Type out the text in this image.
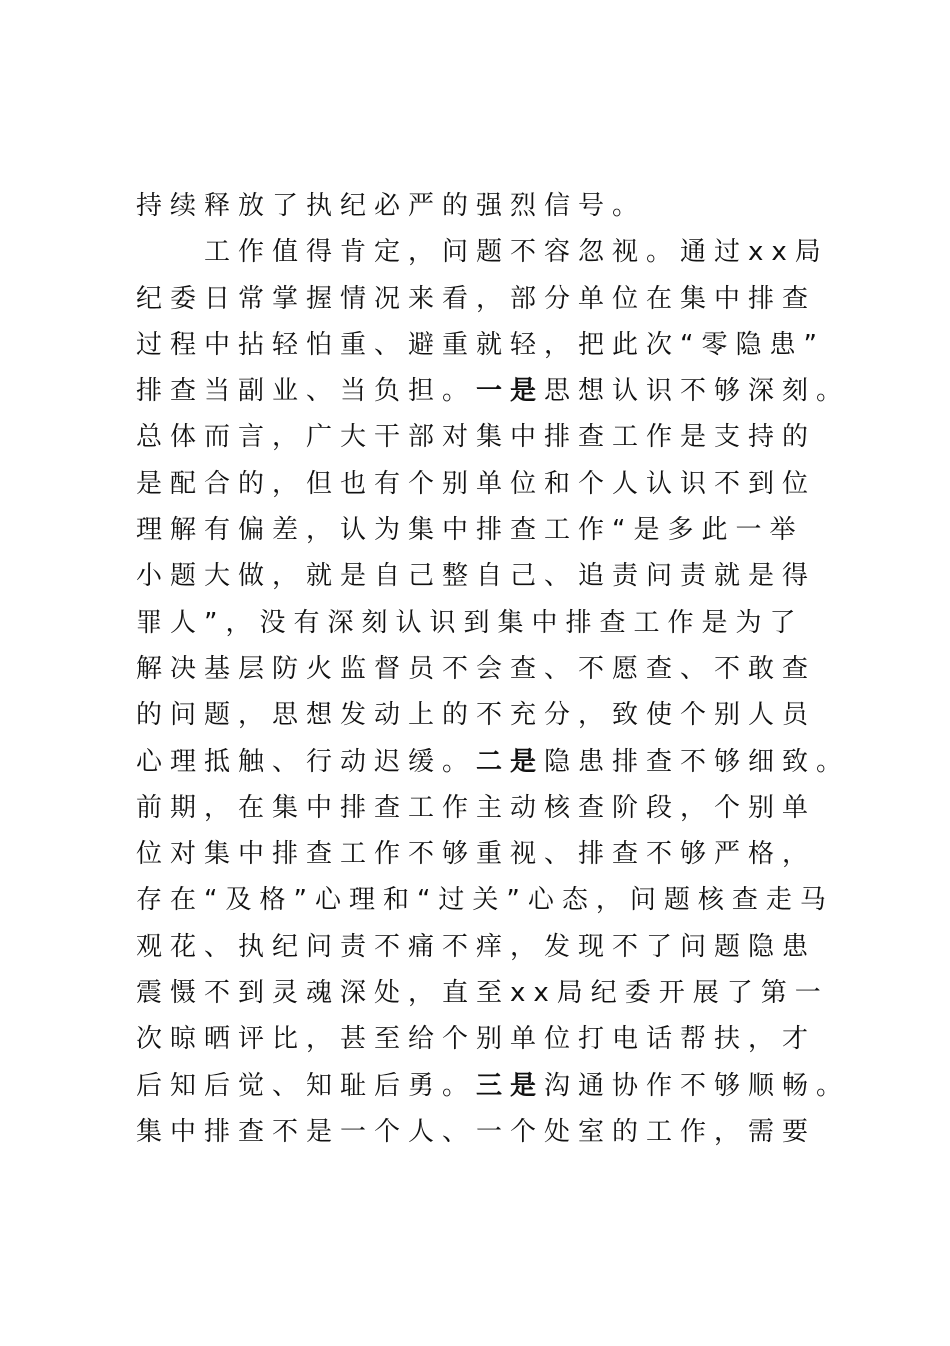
持续释放了执纪必严的强烈信号。
工作值得肯定，问题不容忽视。通过xx局
纪委日常掌握情况来看，部分单位在集中排查
过程中拈轻怕重、避重就轻，把此次“零隐患”
排查当副业、当负担。一是思想认识不够深刻。
总体而言，广大干部对集中排查工作是支持的
是配合的，但也有个别单位和个人认识不到位
理解有偏差，认为集中排查工作“是多此一举
小题大做，就是自己整自己、追责问责就是得
罪人”，没有深刻认识到集中排查工作是为了
解决基层防火监督员不会查、不愿查、不敢查
的问题，思想发动上的不充分，致使个别人员
心理抵触、行动迟缓。二是隐患排查不够细致。
前期，在集中排查工作主动核查阶段，个别单
位对集中排查工作不够重视、排查不够严格，
存在“及格”心理和“过关”心态，问题核查走马
观花、执纪问责不痛不痒，发现不了问题隐患
震慑不到灵魂深处，直至xx局纪委开展了第一
次晾晒评比，甚至给个别单位打电话帮扶，才
后知后觉、知耻后勇。三是沟通协作不够顺畅。
集中排查不是一个人、一个处室的工作，需要
